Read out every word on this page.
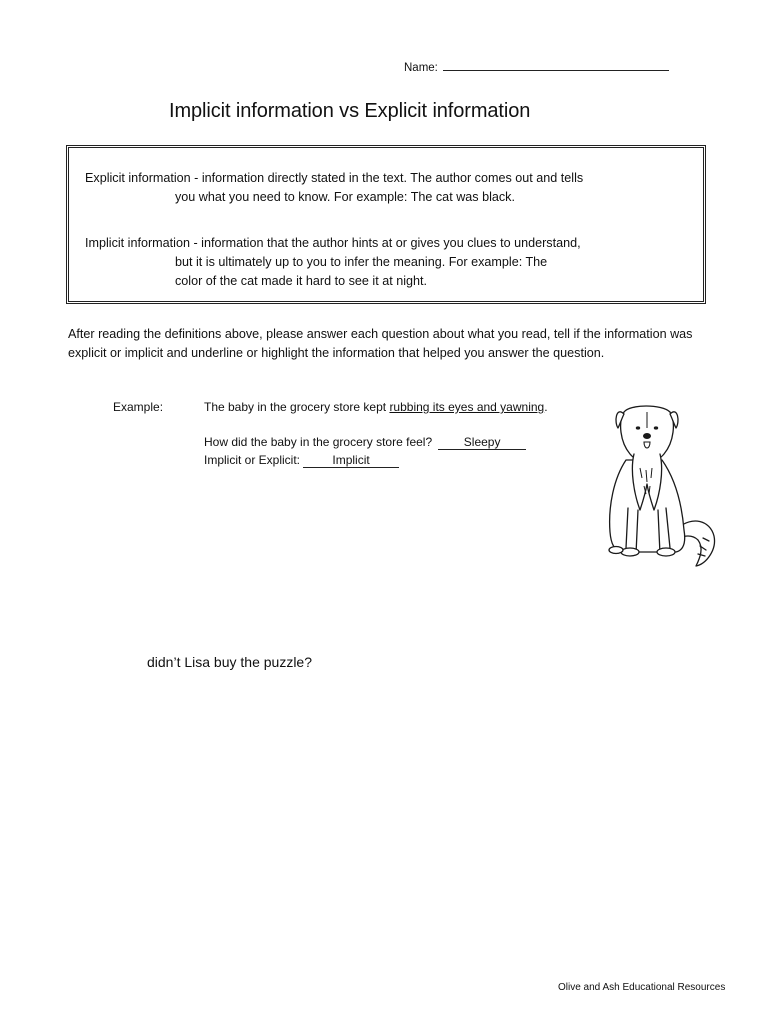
Name:
Implicit information vs Explicit information
Explicit information - information directly stated in the text. The author comes out and tells
you what you need to know. For example: The cat was black.
Implicit information - information that the author hints at or gives you clues to understand,
but it is ultimately up to you to infer the meaning. For example: The
color of the cat made it hard to see it at night.
After reading the definitions above, please answer each question about what you read, tell if the information was explicit or implicit and underline or highlight the information that helped you answer the question.
Example:	The baby in the grocery store kept rubbing its eyes and yawning.
How did the baby in the grocery store feel?	Sleepy
Implicit or Explicit:	Implicit
didn’t Lisa buy the puzzle?
Olive and Ash Educational Resources
